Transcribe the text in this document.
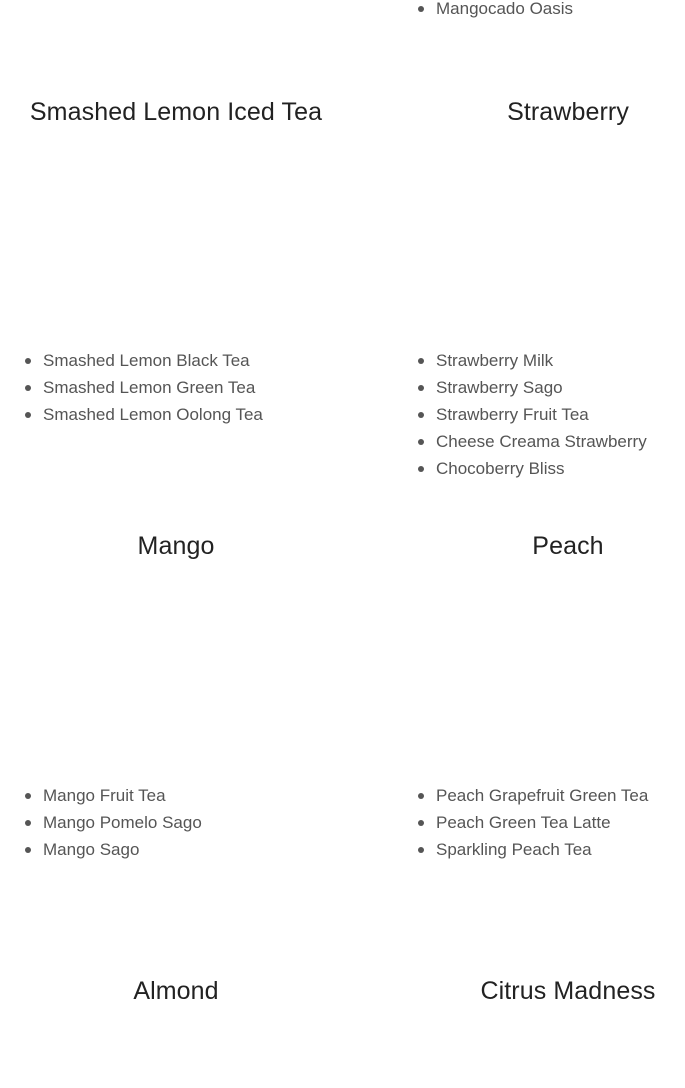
Mangocado Oasis
Smashed Lemon Iced Tea
Smashed Lemon Black Tea
Smashed Lemon Green Tea
Smashed Lemon Oolong Tea
Strawberry
Strawberry Milk
Strawberry Sago
Strawberry Fruit Tea
Cheese Creama Strawberry
Chocoberry Bliss
Mango
Mango Fruit Tea
Mango Pomelo Sago
Mango Sago
Peach
Peach Grapefruit Green Tea
Peach Green Tea Latte
Sparkling Peach Tea
Almond	Citrus Madness
